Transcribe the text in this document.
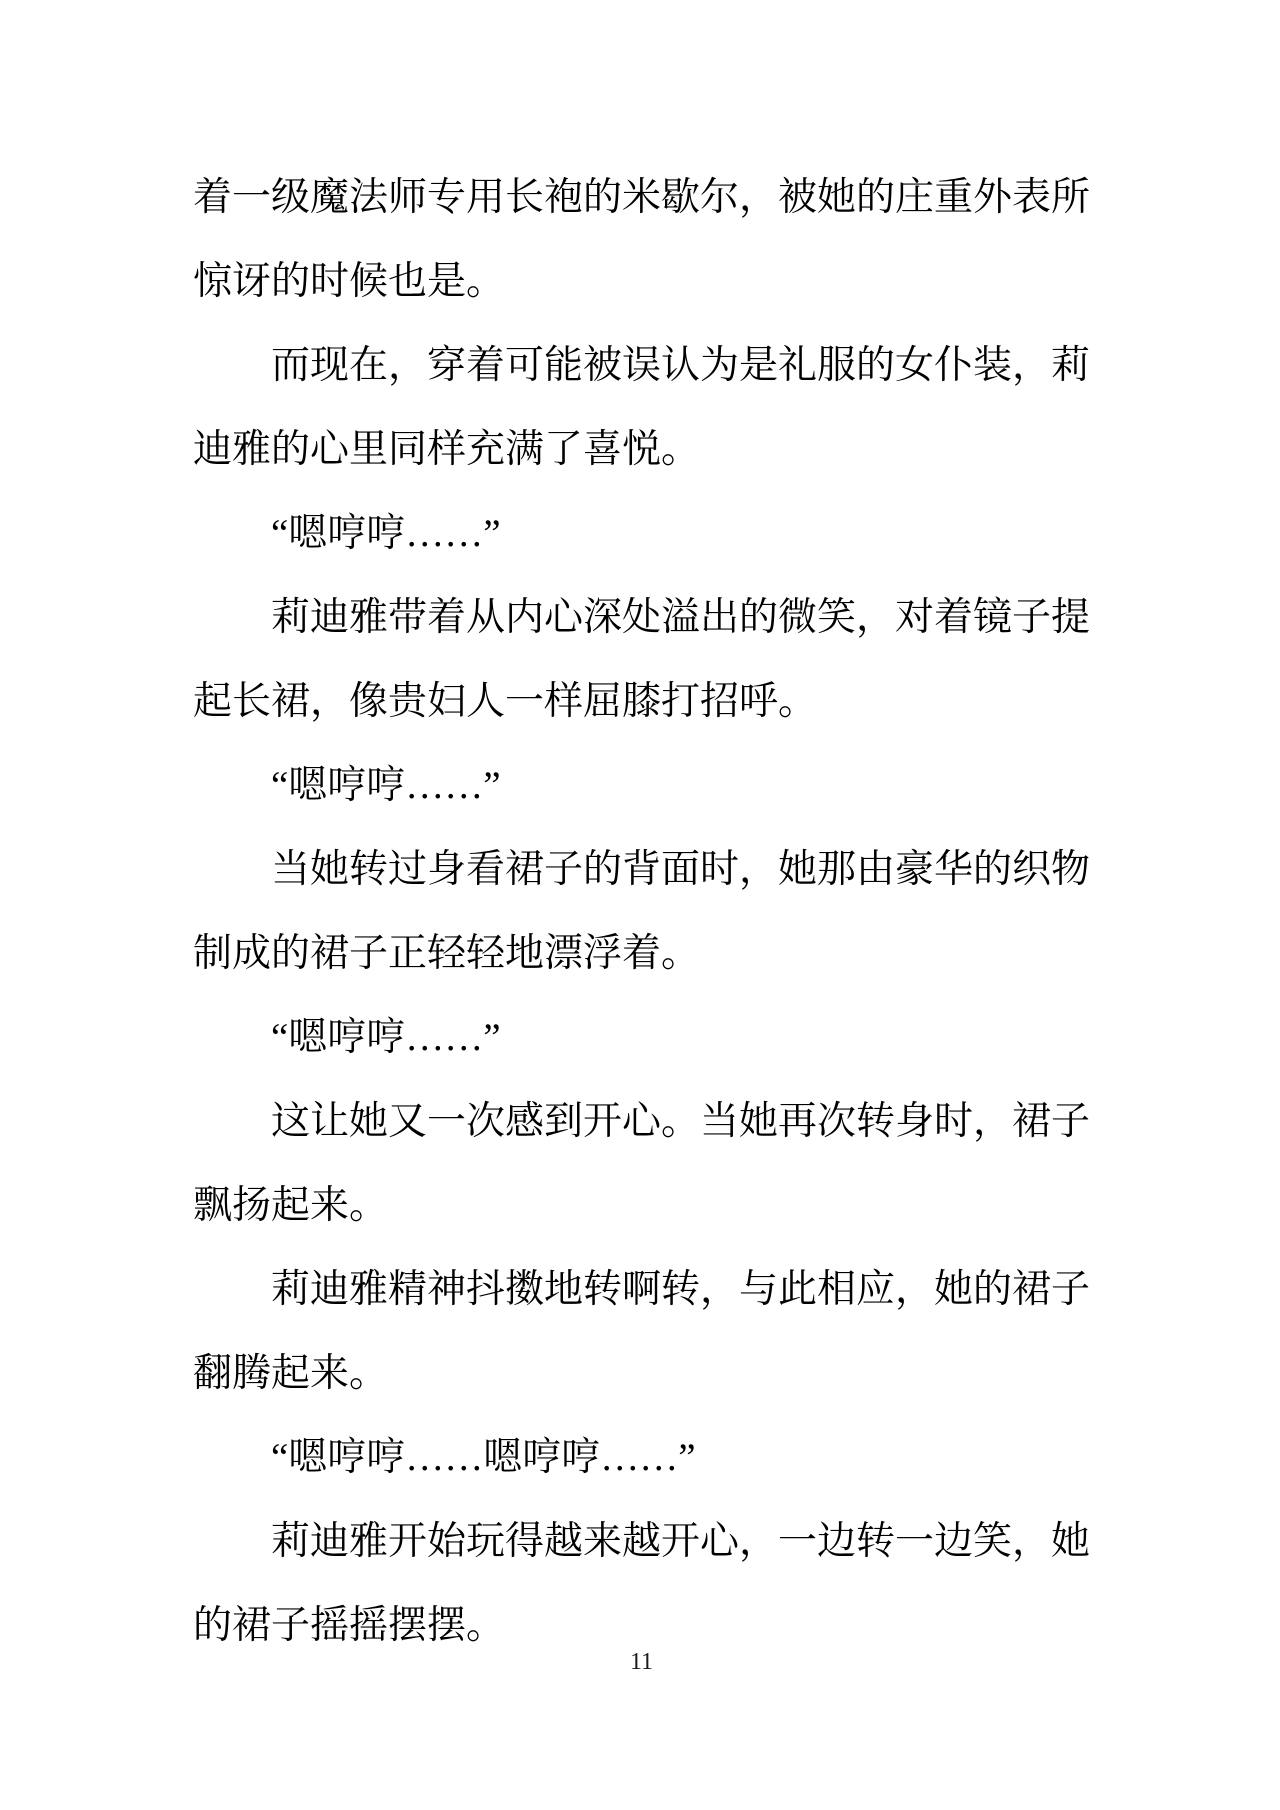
着一级魔法师专用长袍的米歇尔，被她的庄重外表所
惊讶的时候也是。
而现在，穿着可能被误认为是礼服的女仆装，莉
迪雅的心里同样充满了喜悦。
“嗯哼哼……”
莉迪雅带着从内心深处溢出的微笑，对着镜子提
起长裙，像贵妇人一样屈膝打招呼。
“嗯哼哼……”
当她转过身看裙子的背面时，她那由豪华的织物
制成的裙子正轻轻地漂浮着。
“嗯哼哼……”
这让她又一次感到开心。当她再次转身时，裙子
飘扬起来。
莉迪雅精神抖擞地转啊转，与此相应，她的裙子
翻腾起来。
“嗯哼哼……嗯哼哼……”
莉迪雅开始玩得越来越开心，一边转一边笑，她
的裙子摇摇摆摆。
11
